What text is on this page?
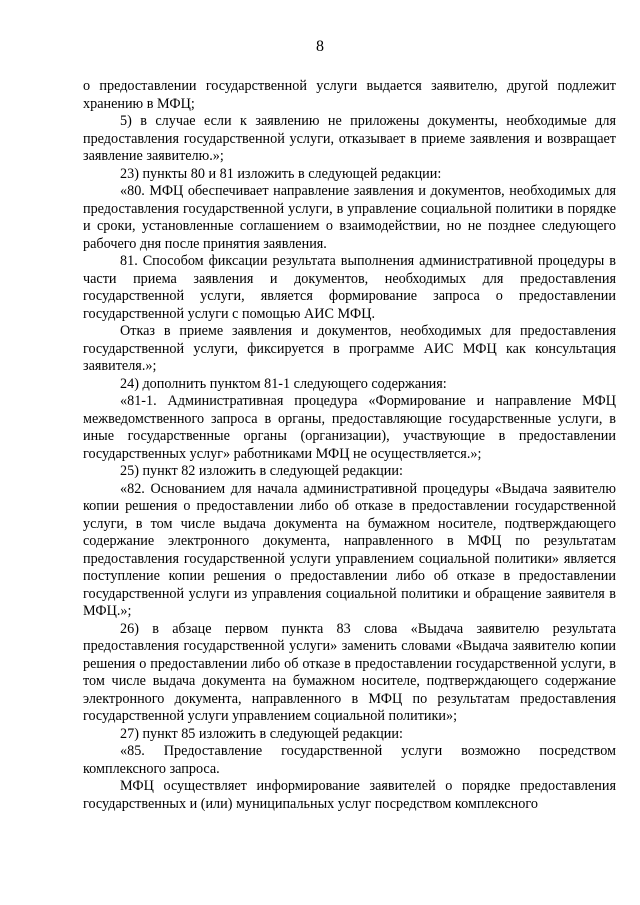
8

о предоставлении государственной услуги выдается заявителю, другой подлежит хранению в МФЦ;

5) в случае если к заявлению не приложены документы, необходимые для предоставления государственной услуги, отказывает в приеме заявления и возвращает заявление заявителю.»;

23) пункты 80 и 81 изложить в следующей редакции:

«80. МФЦ обеспечивает направление заявления и документов, необходимых для предоставления государственной услуги, в управление социальной политики в порядке и сроки, установленные соглашением о взаимодействии, но не позднее следующего рабочего дня после принятия заявления.

81. Способом фиксации результата выполнения административной процедуры в части приема заявления и документов, необходимых для предоставления государственной услуги, является формирование запроса о предоставлении государственной услуги с помощью АИС МФЦ.

Отказ в приеме заявления и документов, необходимых для предоставления государственной услуги, фиксируется в программе АИС МФЦ как консультация заявителя.»;

24) дополнить пунктом 81-1 следующего содержания:

«81-1. Административная процедура «Формирование и направление МФЦ межведомственного запроса в органы, предоставляющие государственные услуги, в иные государственные органы (организации), участвующие в предоставлении государственных услуг» работниками МФЦ не осуществляется.»;

25) пункт 82 изложить в следующей редакции:

«82. Основанием для начала административной процедуры «Выдача заявителю копии решения о предоставлении либо об отказе в предоставлении государственной услуги, в том числе выдача документа на бумажном носителе, подтверждающего содержание электронного документа, направленного в МФЦ по результатам предоставления государственной услуги управлением социальной политики» является поступление копии решения о предоставлении либо об отказе в предоставлении государственной услуги из управления социальной политики и обращение заявителя в МФЦ.»;

26) в абзаце первом пункта 83 слова «Выдача заявителю результата предоставления государственной услуги» заменить словами «Выдача заявителю копии решения о предоставлении либо об отказе в предоставлении государственной услуги, в том числе выдача документа на бумажном носителе, подтверждающего содержание электронного документа, направленного в МФЦ по результатам предоставления государственной услуги управлением социальной политики»;

27) пункт 85 изложить в следующей редакции:

«85. Предоставление государственной услуги возможно посредством комплексного запроса.

МФЦ осуществляет информирование заявителей о порядке предоставления государственных и (или) муниципальных услуг посредством комплексного
